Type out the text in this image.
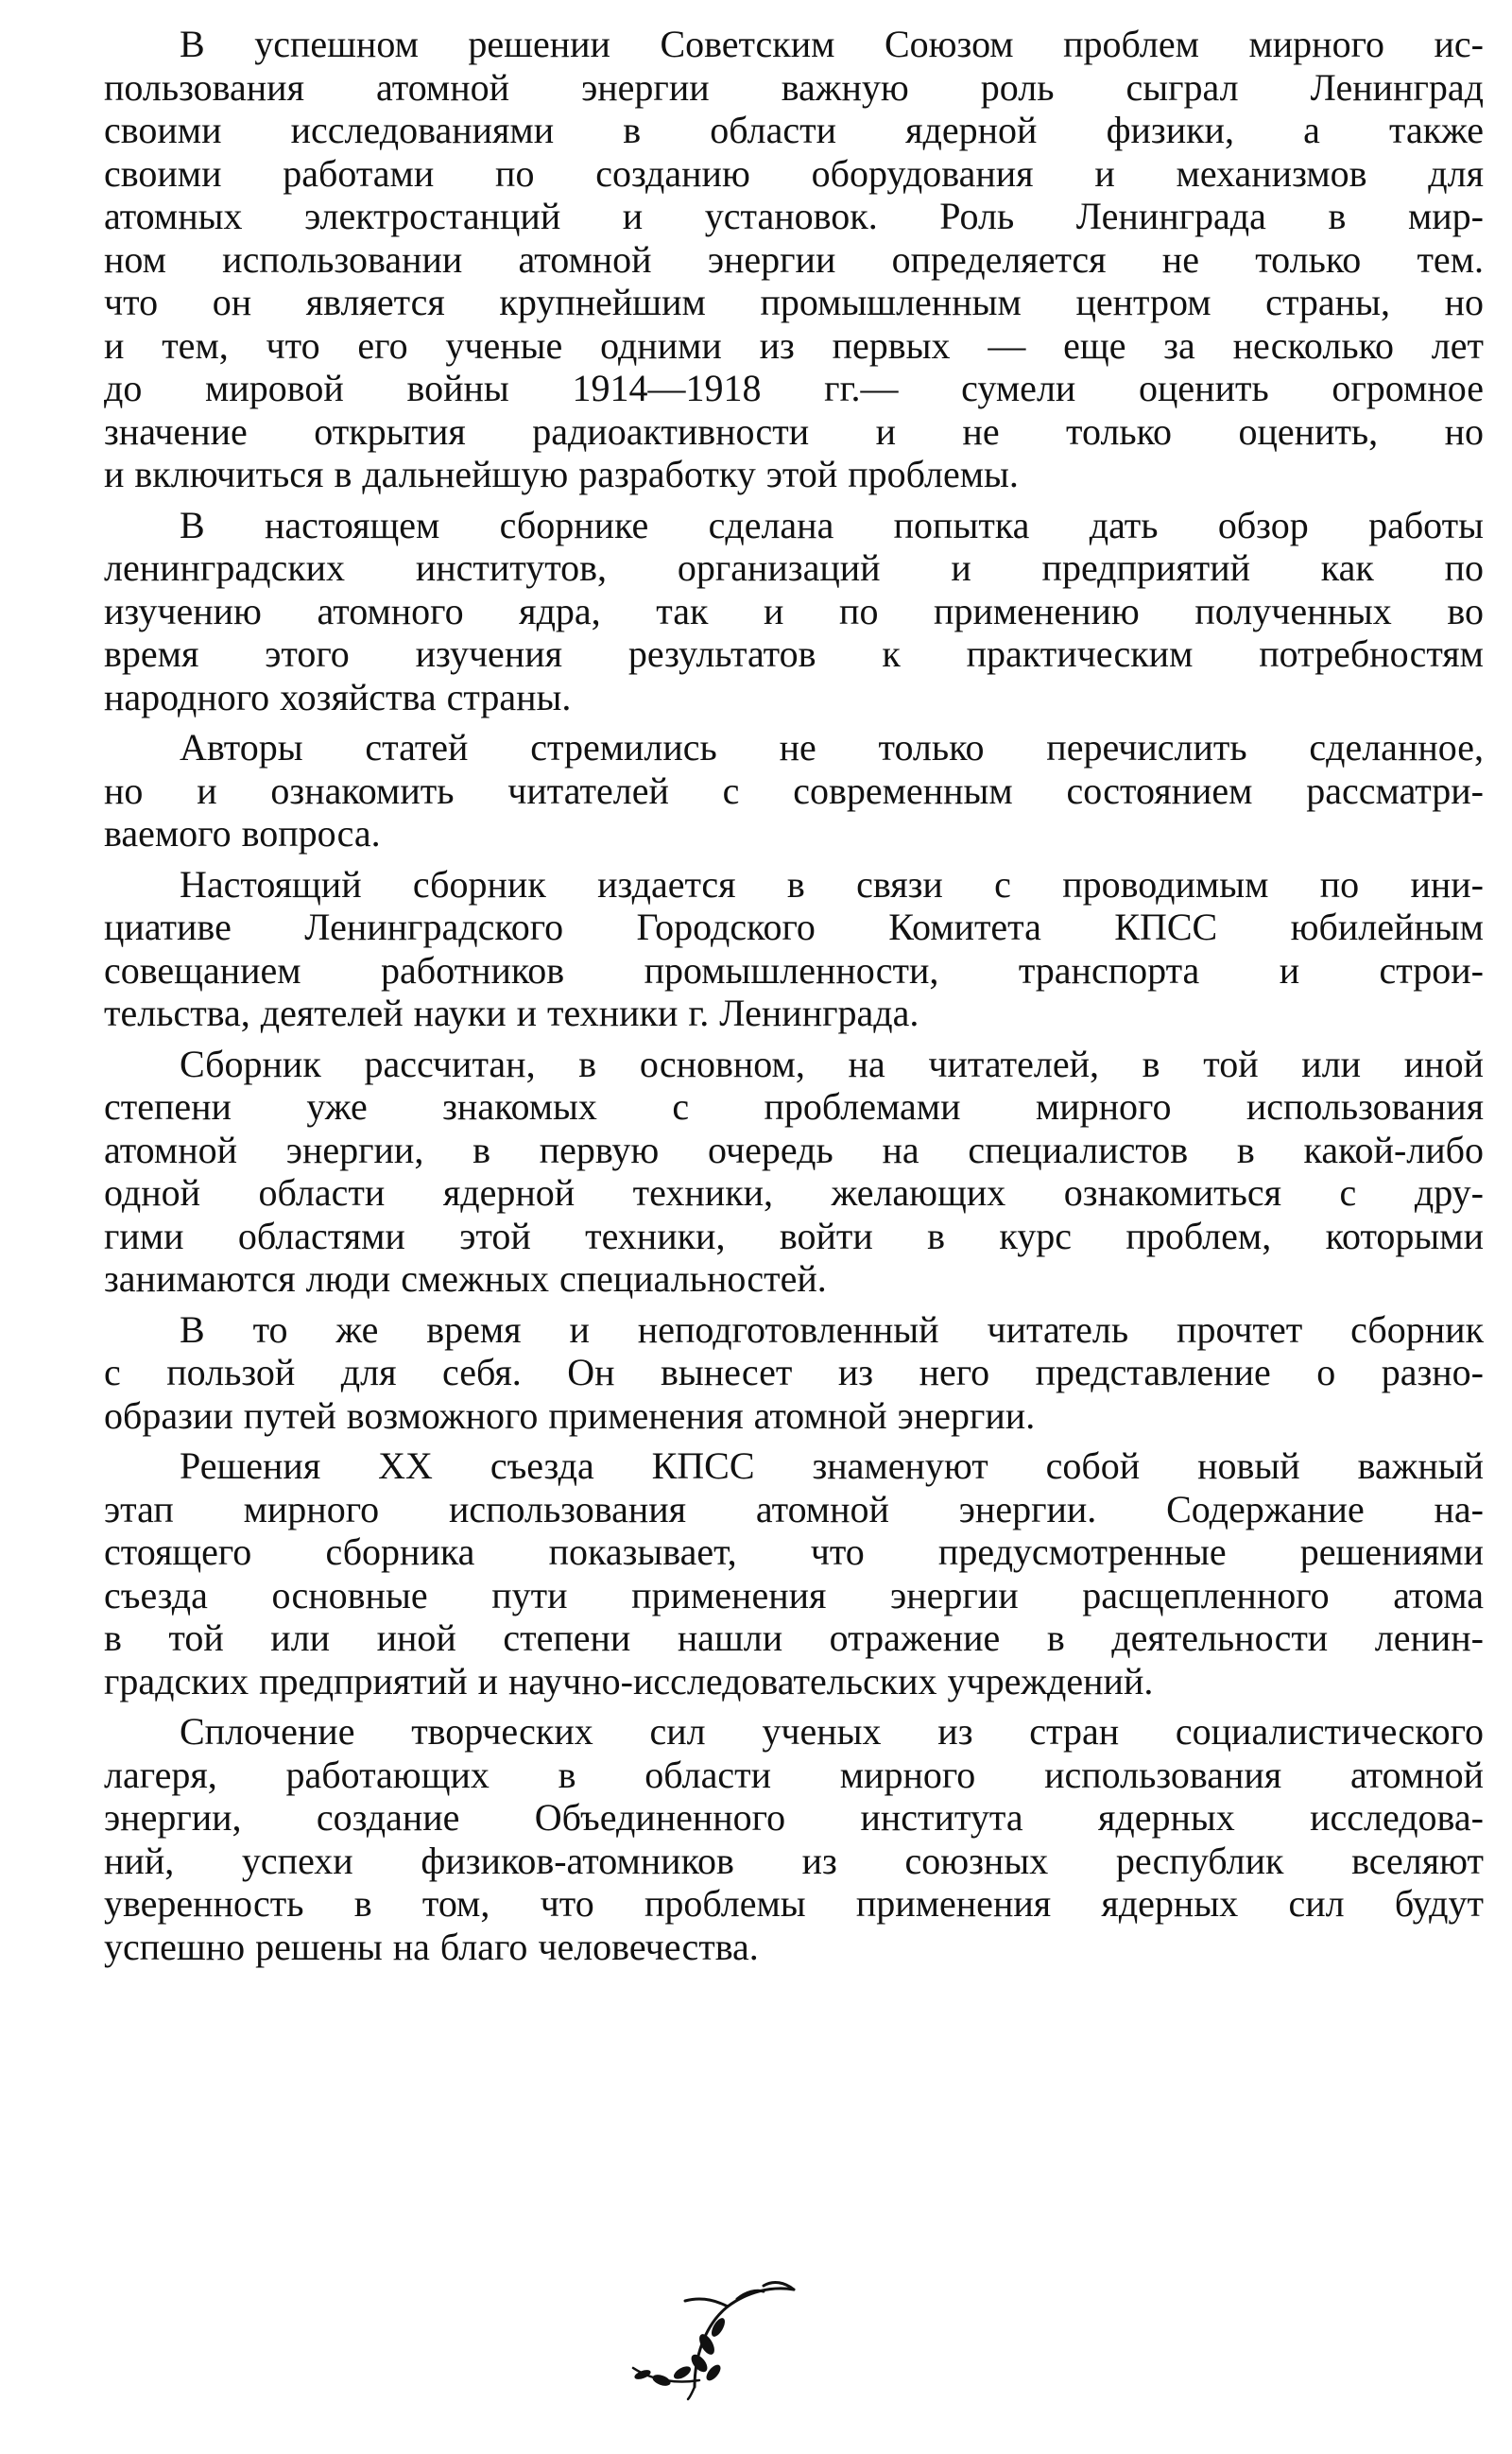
  В успешном решении Советским Союзом проблем мирного ис-
пользования атомной энергии важную роль сыграл Ленинград
своими исследованиями в области ядерной физики, а также
своими работами по созданию оборудования и механизмов для
атомных электростанций и установок. Роль Ленинграда в мир-
ном использовании атомной энергии определяется не только тем.
что он является крупнейшим промышленным центром страны, но
и тем, что его ученые одними из первых — еще за несколько лет
до мировой войны 1914—1918 гг.— сумели оценить огромное
значение открытия радиоактивности и не только оценить, но
и включиться в дальнейшую разработку этой проблемы.
  В настоящем сборнике сделана попытка дать обзор работы
ленинградских институтов, организаций и предприятий как по
изучению атомного ядра, так и по применению полученных во
время этого изучения результатов к практическим потребностям
народного хозяйства страны.
  Авторы статей стремились не только перечислить сделанное,
но и ознакомить читателей с современным состоянием рассматри-
ваемого вопроса.
  Настоящий сборник издается в связи с проводимым по ини-
циативе Ленинградского Городского Комитета КПСС юбилейным
совещанием работников промышленности, транспорта и строи-
тельства, деятелей науки и техники г. Ленинграда.
  Сборник рассчитан, в основном, на читателей, в той или иной
степени уже знакомых с проблемами мирного использования
атомной энергии, в первую очередь на специалистов в какой-либо
одной области ядерной техники, желающих ознакомиться с дру-
гими областями этой техники, войти в курс проблем, которыми
занимаются люди смежных специальностей.
  В то же время и неподготовленный читатель прочтет сборник
с пользой для себя. Он вынесет из него представление о разно-
образии путей возможного применения атомной энергии.
  Решения XX съезда КПСС знаменуют собой новый важный
этап мирного использования атомной энергии. Содержание на-
стоящего сборника показывает, что предусмотренные решениями
съезда основные пути применения энергии расщепленного атома
в той или иной степени нашли отражение в деятельности ленин-
градских предприятий и научно-исследовательских учреждений.
  Сплочение творческих сил ученых из стран социалистического
лагеря, работающих в области мирного использования атомной
энергии, создание Объединенного института ядерных исследова-
ний, успехи физиков-атомников из союзных республик вселяют
уверенность в том, что проблемы применения ядерных сил будут
успешно решены на благо человечества.
